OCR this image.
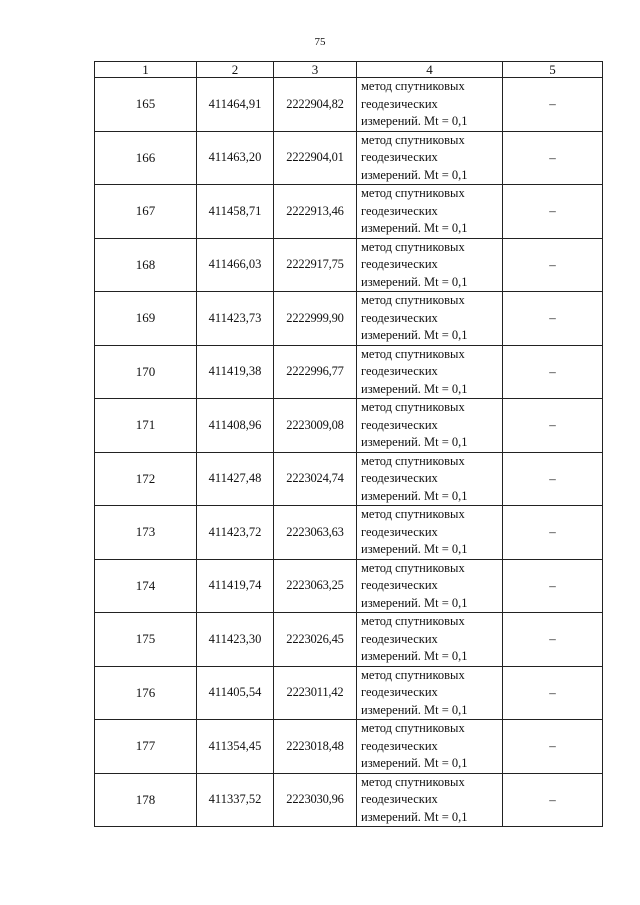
75
1	2	3	4	5
165	411464,91	2222904,82	метод спутниковых
геодезических
измерений. Mt = 0,1	–
166	411463,20	2222904,01	метод спутниковых
геодезических
измерений. Mt = 0,1	–
167	411458,71	2222913,46	метод спутниковых
геодезических
измерений. Mt = 0,1	–
168	411466,03	2222917,75	метод спутниковых
геодезических
измерений. Mt = 0,1	–
169	411423,73	2222999,90	метод спутниковых
геодезических
измерений. Mt = 0,1	–
170	411419,38	2222996,77	метод спутниковых
геодезических
измерений. Mt = 0,1	–
171	411408,96	2223009,08	метод спутниковых
геодезических
измерений. Mt = 0,1	–
172	411427,48	2223024,74	метод спутниковых
геодезических
измерений. Mt = 0,1	–
173	411423,72	2223063,63	метод спутниковых
геодезических
измерений. Mt = 0,1	–
174	411419,74	2223063,25	метод спутниковых
геодезических
измерений. Mt = 0,1	–
175	411423,30	2223026,45	метод спутниковых
геодезических
измерений. Mt = 0,1	–
176	411405,54	2223011,42	метод спутниковых
геодезических
измерений. Mt = 0,1	–
177	411354,45	2223018,48	метод спутниковых
геодезических
измерений. Mt = 0,1	–
178	411337,52	2223030,96	метод спутниковых
геодезических
измерений. Mt = 0,1	–
